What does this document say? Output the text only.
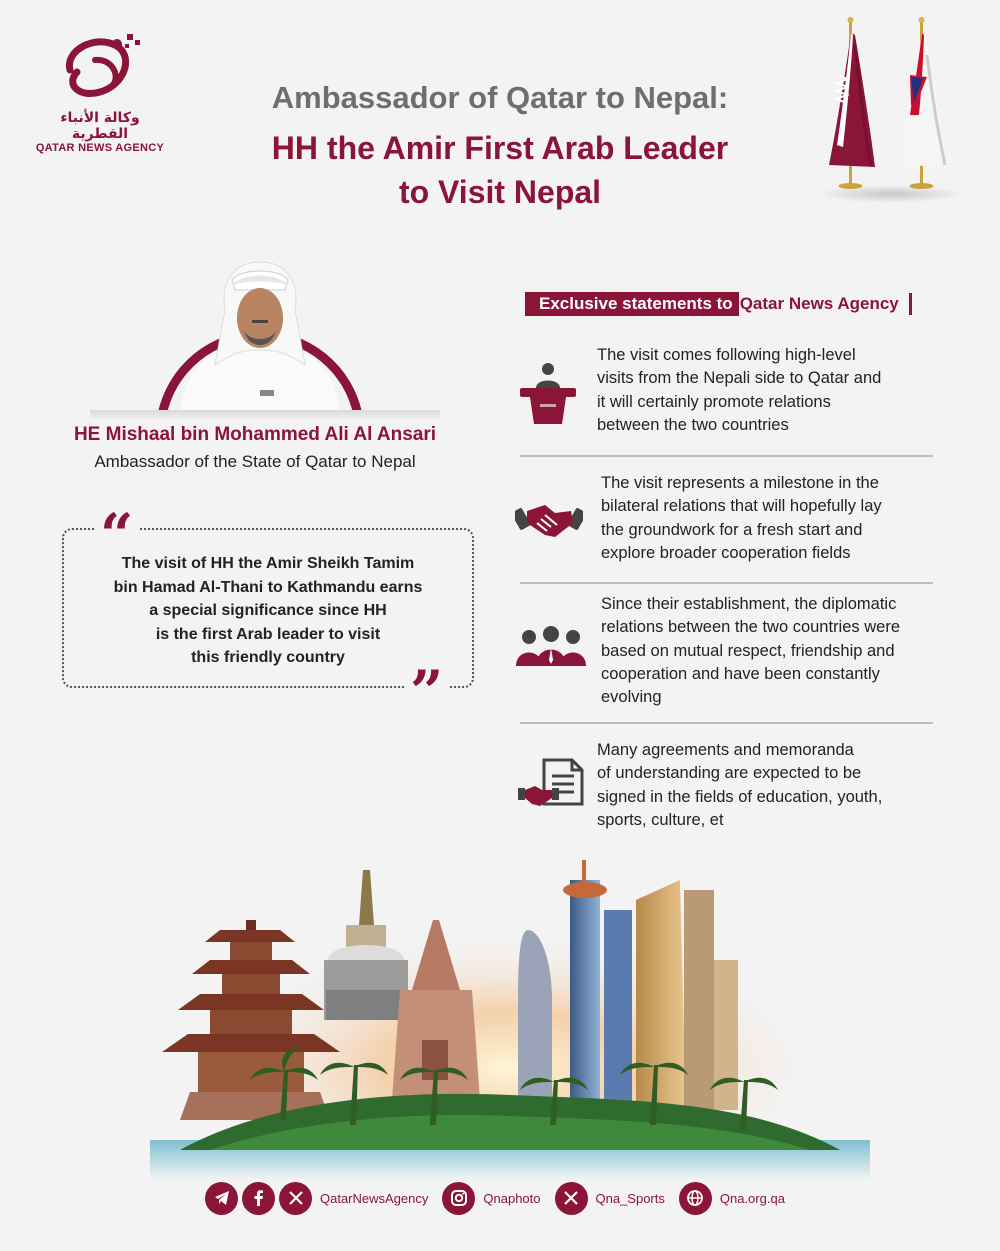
وكالة الأنباء القطرية
QATAR NEWS AGENCY
Ambassador of Qatar to Nepal:
HH the Amir First Arab Leader
to Visit Nepal
HE Mishaal bin Mohammed Ali Al Ansari
Ambassador of the State of Qatar to Nepal
“
”
The visit of HH the Amir Sheikh Tamim
bin Hamad Al-Thani to Kathmandu earns
a special significance since HH
is the first Arab leader to visit
this friendly country
Exclusive statements to Qatar News Agency
The visit comes following high-level
visits from the Nepali side to Qatar and
it will certainly promote relations
between the two countries
The visit represents a milestone in the
bilateral relations that will hopefully lay
the groundwork for a fresh start and
explore broader cooperation fields
Since their establishment, the diplomatic
relations between the two countries were
based on mutual respect, friendship and
cooperation and have been constantly
evolving
Many agreements and memoranda
of understanding are expected to be
signed in the fields of education, youth,
sports, culture, et
QatarNewsAgency	Qnaphoto	Qna_Sports	Qna.org.qa
